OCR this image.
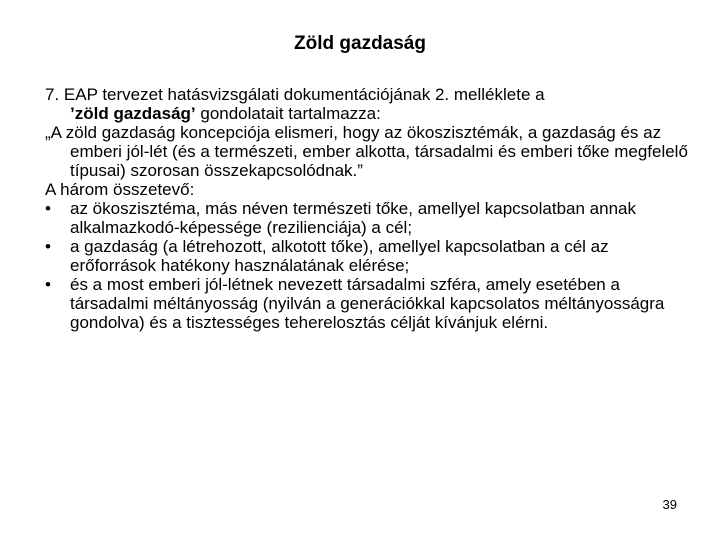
Zöld gazdaság

7. EAP tervezet hatásvizsgálati dokumentációjának 2. melléklete a
’zöld gazdaság’ gondolatait tartalmazza:

„A zöld gazdaság koncepciója elismeri, hogy az ökoszisztémák, a gazdaság és az emberi jól-lét (és a természeti, ember alkotta, társadalmi és emberi tőke megfelelő típusai) szorosan összekapcsolódnak.”

A három összetevő:

•	az ökoszisztéma, más néven természeti tőke, amellyel kapcsolatban annak alkalmazkodó-képessége (rezilienciája) a cél;
•	a gazdaság (a létrehozott, alkotott tőke), amellyel kapcsolatban a cél az erőforrások hatékony használatának elérése;
•	és a most emberi jól-létnek nevezett társadalmi szféra, amely esetében a társadalmi méltányosság (nyilván a generációkkal kapcsolatos méltányosságra gondolva) és a tisztességes teherelosztás célját kívánjuk elérni.
39
